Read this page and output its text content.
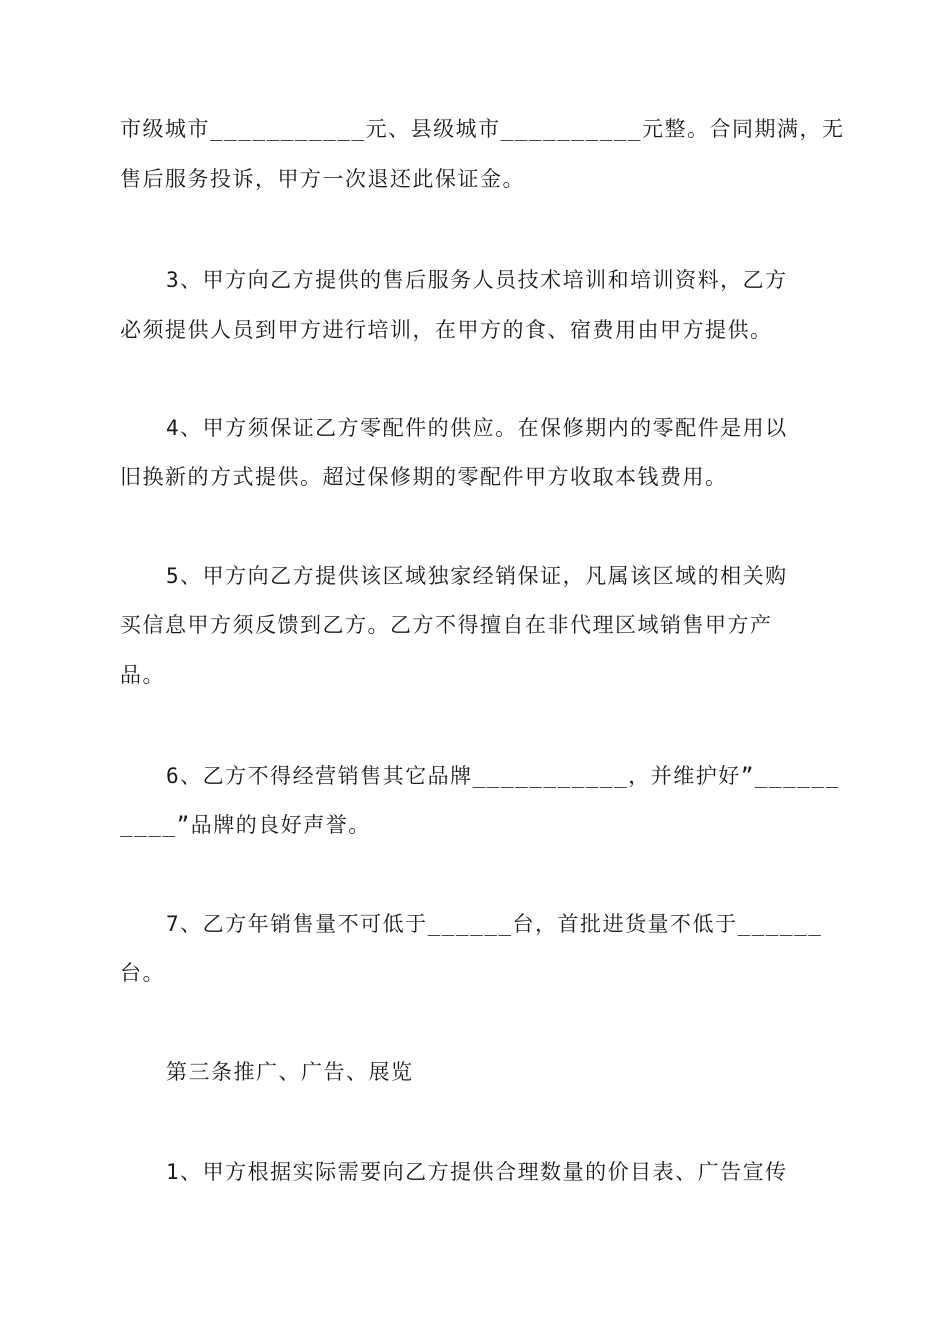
市级城市___________元、县级城市__________元整。合同期满，无
售后服务投诉，甲方一次退还此保证金。
3、甲方向乙方提供的售后服务人员技术培训和培训资料，乙方
必须提供人员到甲方进行培训，在甲方的食、宿费用由甲方提供。
4、甲方须保证乙方零配件的供应。在保修期内的零配件是用以
旧换新的方式提供。超过保修期的零配件甲方收取本钱费用。
5、甲方向乙方提供该区域独家经销保证，凡属该区域的相关购
买信息甲方须反馈到乙方。乙方不得擅自在非代理区域销售甲方产
品。
6、乙方不得经营销售其它品牌___________，并维护好”______
____”品牌的良好声誉。
7、乙方年销售量不可低于______台，首批进货量不低于______
台。
第三条推广、广告、展览
1、甲方根据实际需要向乙方提供合理数量的价目表、广告宣传
